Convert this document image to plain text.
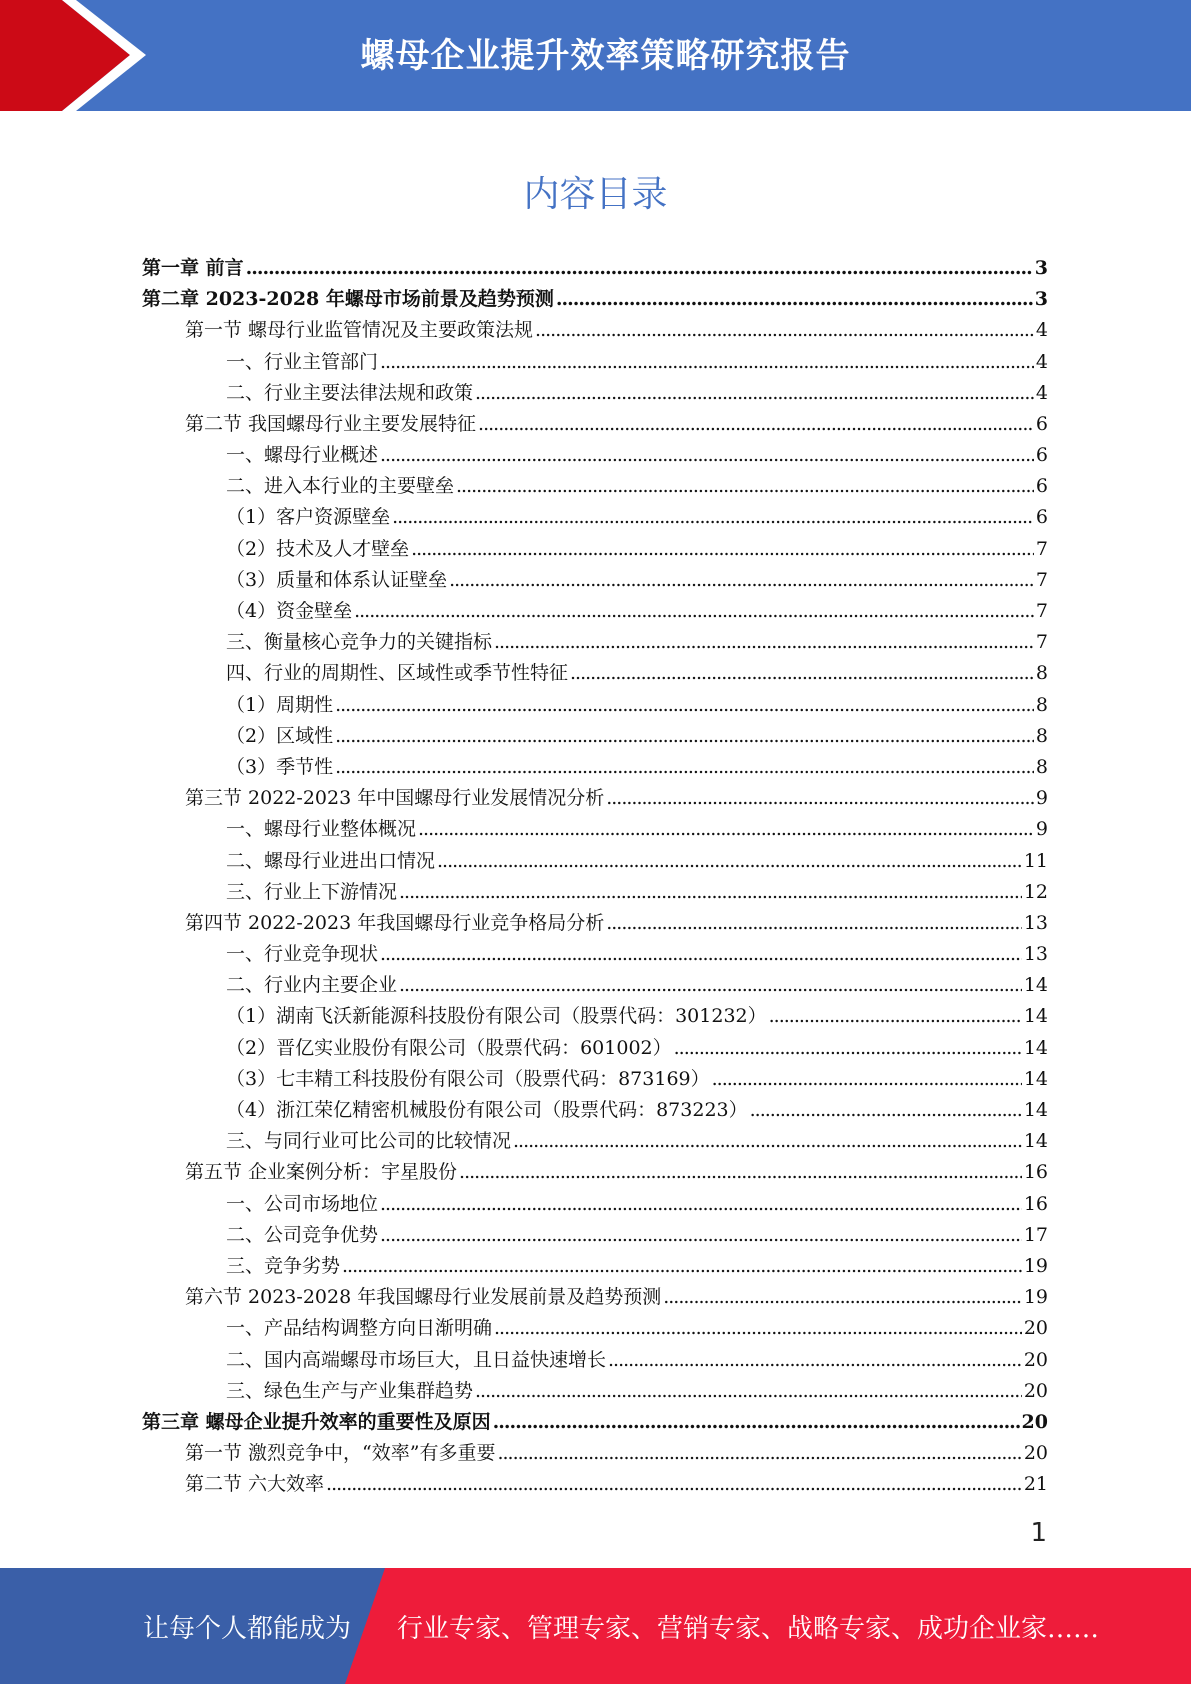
螺母企业提升效率策略研究报告
内容目录
第一章 前言 .....	3
第二章 2023-2028 年螺母市场前景及趋势预测 .....	3
第一节 螺母行业监管情况及主要政策法规 .....	4
一、行业主管部门 .....	4
二、行业主要法律法规和政策 .....	4
第二节 我国螺母行业主要发展特征 .....	6
一、螺母行业概述 .....	6
二、进入本行业的主要壁垒 .....	6
（1）客户资源壁垒 .....	6
（2）技术及人才壁垒 .....	7
（3）质量和体系认证壁垒 .....	7
（4）资金壁垒 .....	7
三、衡量核心竞争力的关键指标 .....	7
四、行业的周期性、区域性或季节性特征 .....	8
（1）周期性 .....	8
（2）区域性 .....	8
（3）季节性 .....	8
第三节 2022-2023 年中国螺母行业发展情况分析 .....	9
一、螺母行业整体概况 .....	9
二、螺母行业进出口情况 .....	11
三、行业上下游情况 .....	12
第四节 2022-2023 年我国螺母行业竞争格局分析 .....	13
一、行业竞争现状 .....	13
二、行业内主要企业 .....	14
（1）湖南飞沃新能源科技股份有限公司（股票代码：301232） .....	14
（2）晋亿实业股份有限公司（股票代码：601002） .....	14
（3）七丰精工科技股份有限公司（股票代码：873169） .....	14
（4）浙江荣亿精密机械股份有限公司（股票代码：873223） .....	14
三、与同行业可比公司的比较情况 .....	14
第五节 企业案例分析：宇星股份 .....	16
一、公司市场地位 .....	16
二、公司竞争优势 .....	17
三、竞争劣势 .....	19
第六节 2023-2028 年我国螺母行业发展前景及趋势预测 .....	19
一、产品结构调整方向日渐明确 .....	20
二、国内高端螺母市场巨大，且日益快速增长 .....	20
三、绿色生产与产业集群趋势 .....	20
第三章 螺母企业提升效率的重要性及原因 .....	20
第一节 激烈竞争中，“效率”有多重要 .....	20
第二节 六大效率 .....	21
1
让每个人都能成为 行业专家、管理专家、营销专家、战略专家、成功企业家……
